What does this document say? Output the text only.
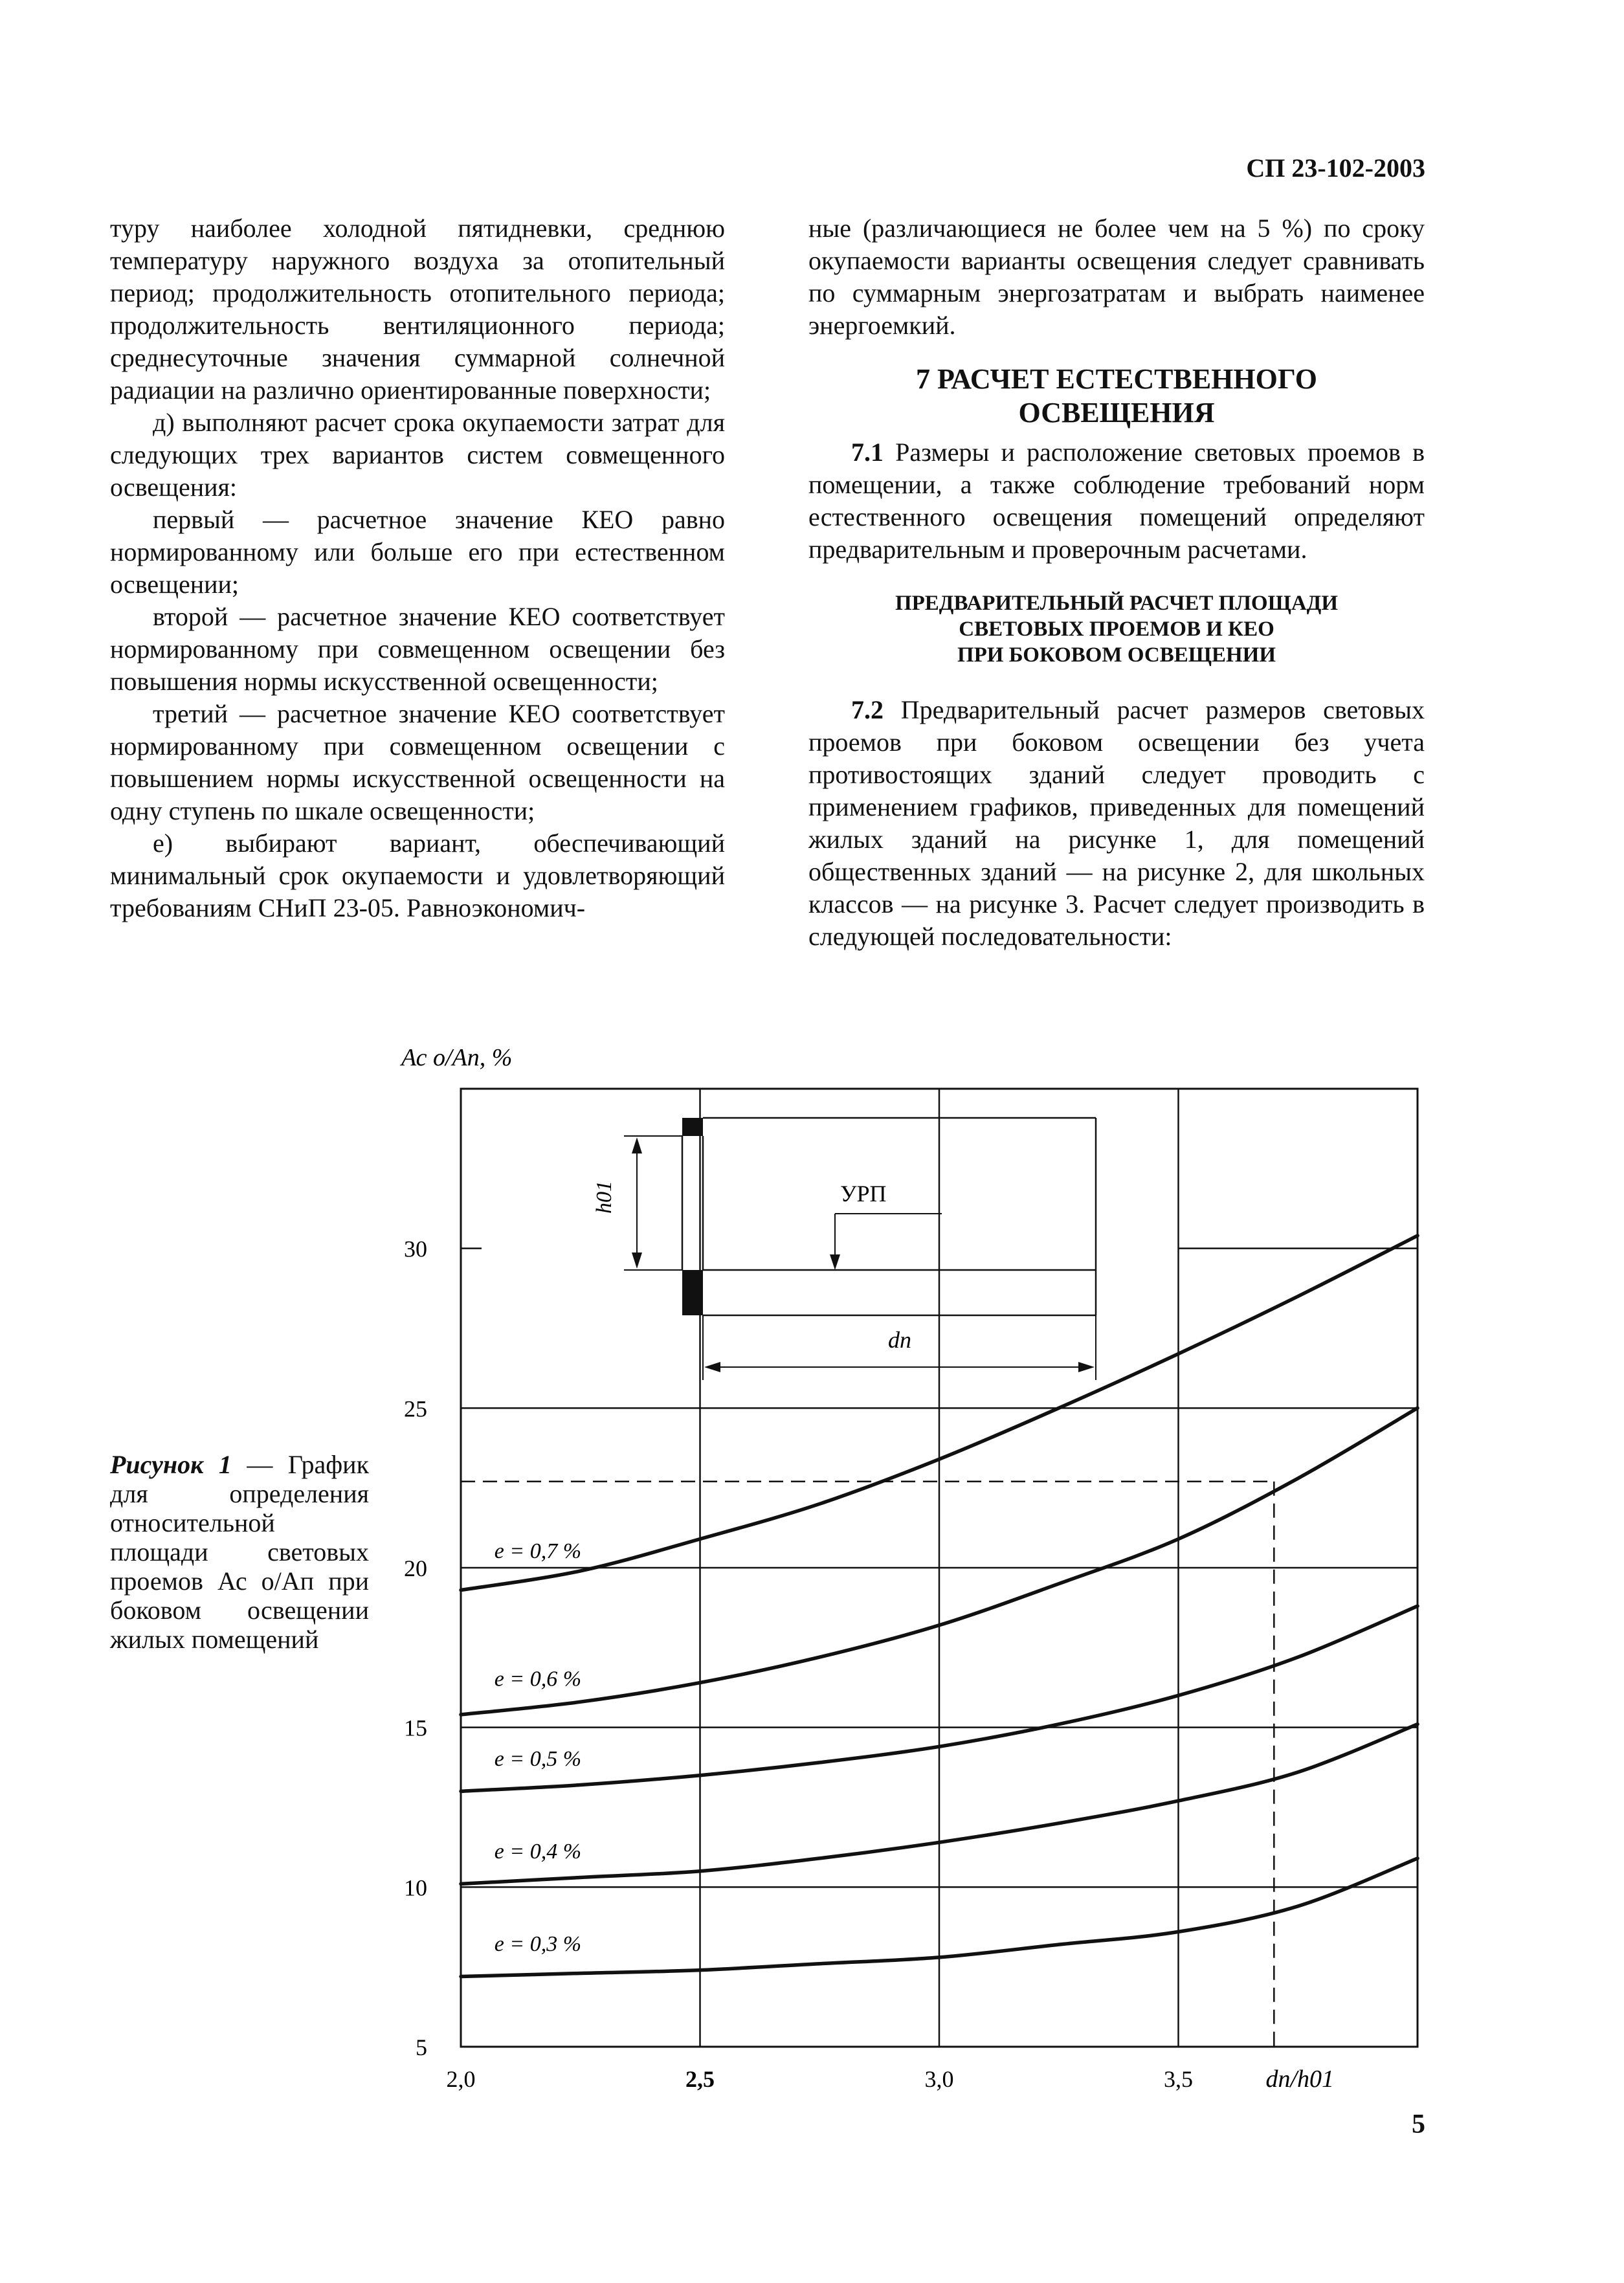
СП 23-102-2003

туру наиболее холодной пятидневки, среднюю температуру наружного воздуха за отопительный период; продолжительность отопительного периода; продолжительность вентиляционного периода; среднесуточные значения суммарной солнечной радиации на различно ориентированные поверхности;

д) выполняют расчет срока окупаемости затрат для следующих трех вариантов систем совмещенного освещения:

первый — расчетное значение КЕО равно нормированному или больше его при естественном освещении;

второй — расчетное значение КЕО соответствует нормированному при совмещенном освещении без повышения нормы искусственной освещенности;

третий — расчетное значение КЕО соответствует нормированному при совмещенном освещении с повышением нормы искусственной освещенности на одну ступень по шкале освещенности;

е) выбирают вариант, обеспечивающий минимальный срок окупаемости и удовлетворяющий требованиям СНиП 23-05. Равноэкономич-

ные (различающиеся не более чем на 5 %) по сроку окупаемости варианты освещения следует сравнивать по суммарным энергозатратам и выбрать наименее энергоемкий.

7 РАСЧЕТ ЕСТЕСТВЕННОГО
ОСВЕЩЕНИЯ

7.1 Размеры и расположение световых проемов в помещении, а также соблюдение требований норм естественного освещения помещений определяют предварительным и проверочным расчетами.

ПРЕДВАРИТЕЛЬНЫЙ РАСЧЕТ ПЛОЩАДИ
СВЕТОВЫХ ПРОЕМОВ И КЕО
ПРИ БОКОВОМ ОСВЕЩЕНИИ

7.2 Предварительный расчет размеров световых проемов при боковом освещении без учета противостоящих зданий следует проводить с применением графиков, приведенных для помещений жилых зданий на рисунке 1, для помещений общественных зданий — на рисунке 2, для школьных классов — на рисунке 3. Расчет следует производить в следующей последовательности:

Рисунок 1 — График для определения относительной площади световых проемов Ас о/Ап при боковом освещении жилых помещений
h01	УРП
dп
5
10
15
20
25
30
2,0	2,5	3,0	3,5
Ас о/Ап, %
dп/h01
e = 0,7 %
e = 0,6 %
e = 0,5 %
e = 0,4 %
e = 0,3 %
5
